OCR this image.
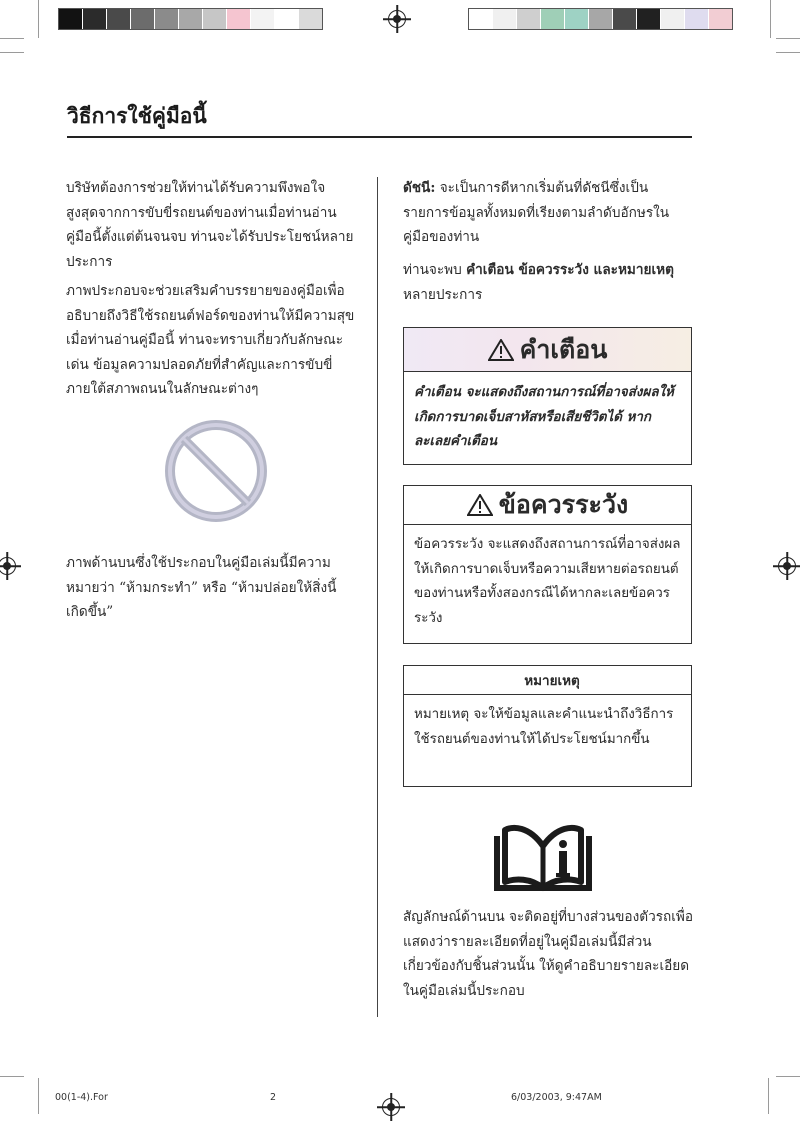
วิธีการใช้คู่มือนี้

บริษัทต้องการช่วยให้ท่านได้รับความพึงพอใจสูงสุดจากการขับขี่รถยนต์ของท่านเมื่อท่านอ่านคู่มือนี้ตั้งแต่ต้นจนจบ ท่านจะได้รับประโยชน์หลายประการ

ภาพประกอบจะช่วยเสริมคำบรรยายของคู่มือเพื่ออธิบายถึงวิธีใช้รถยนต์ฟอร์ดของท่านให้มีความสุข เมื่อท่านอ่านคู่มือนี้ ท่านจะทราบเกี่ยวกับลักษณะเด่น ข้อมูลความปลอดภัยที่สำคัญและการขับขี่ภายใต้สภาพถนนในลักษณะต่างๆ

ภาพด้านบนซึ่งใช้ประกอบในคู่มือเล่มนี้มีความหมายว่า “ห้ามกระทำ” หรือ “ห้ามปล่อยให้สิ่งนี้เกิดขึ้น”

ดัชนี: จะเป็นการดีหากเริ่มต้นที่ดัชนีซึ่งเป็นรายการข้อมูลทั้งหมดที่เรียงตามลำดับอักษรในคู่มือของท่าน

ท่านจะพบ คำเตือน ข้อควรระวัง และหมายเหตุ
หลายประการ

คำเตือน
คำเตือน จะแสดงถึงสถานการณ์ที่อาจส่งผลให้เกิดการบาดเจ็บสาหัสหรือเสียชีวิตได้ หากละเลยคำเตือน
ข้อควรระวัง
ข้อควรระวัง จะแสดงถึงสถานการณ์ที่อาจส่งผลให้เกิดการบาดเจ็บหรือความเสียหายต่อรถยนต์ของท่านหรือทั้งสองกรณีได้หากละเลยข้อควรระวัง
หมายเหตุ
หมายเหตุ จะให้ข้อมูลและคำแนะนำถึงวิธีการใช้รถยนต์ของท่านให้ได้ประโยชน์มากขึ้น

สัญลักษณ์ด้านบน จะติดอยู่ที่บางส่วนของตัวรถเพื่อแสดงว่ารายละเอียดที่อยู่ในคู่มือเล่มนี้มีส่วนเกี่ยวข้องกับชิ้นส่วนนั้น ให้ดูคำอธิบายรายละเอียดในคู่มือเล่มนี้ประกอบ

00(1-4).For	2	6/03/2003, 9:47AM
